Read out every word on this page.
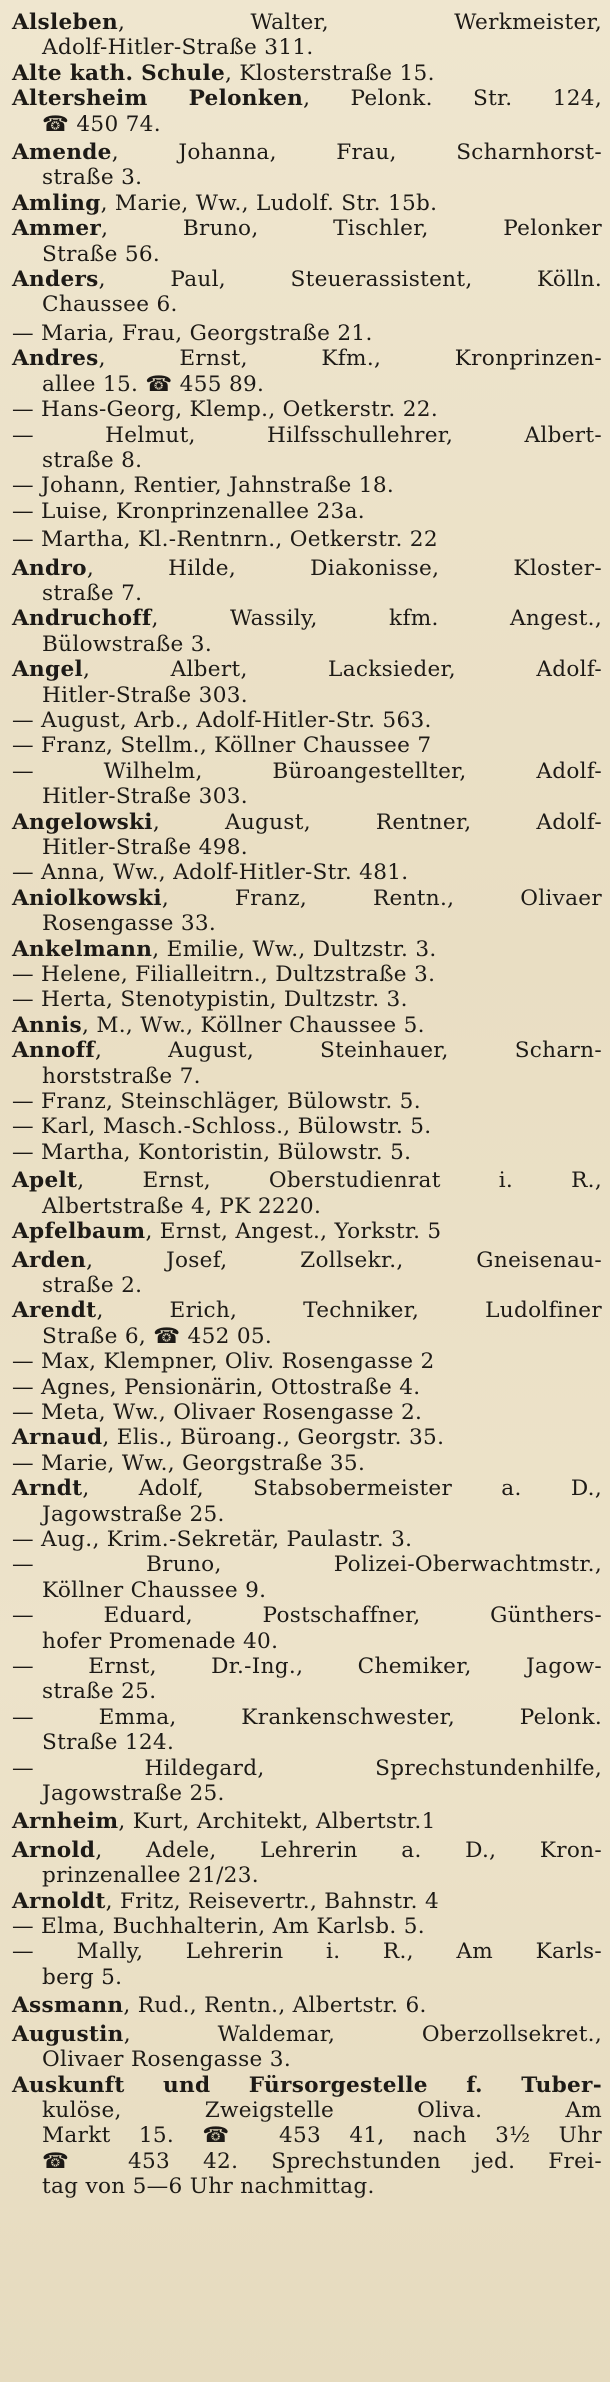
Alsleben, Walter, Werkmeister,
Adolf-Hitler-Straße 311.
Alte kath. Schule, Klosterstraße 15.
Altersheim Pelonken, Pelonk. Str. 124,
☎ 450 74.
Amende, Johanna, Frau, Scharnhorst-
straße 3.
Amling, Marie, Ww., Ludolf. Str. 15b.
Ammer, Bruno, Tischler, Pelonker
Straße 56.
Anders, Paul, Steuerassistent, Kölln.
Chaussee 6.
— Maria, Frau, Georgstraße 21.
Andres, Ernst, Kfm., Kronprinzen-
allee 15. ☎ 455 89.
— Hans-Georg, Klemp., Oetkerstr. 22.
— Helmut, Hilfsschullehrer, Albert-
straße 8.
— Johann, Rentier, Jahnstraße 18.
— Luise, Kronprinzenallee 23a.
— Martha, Kl.-Rentnrn., Oetkerstr. 22
Andro, Hilde, Diakonisse, Kloster-
straße 7.
Andruchoff, Wassily, kfm. Angest.,
Bülowstraße 3.
Angel, Albert, Lacksieder, Adolf-
Hitler-Straße 303.
— August, Arb., Adolf-Hitler-Str. 563.
— Franz, Stellm., Köllner Chaussee 7
— Wilhelm, Büroangestellter, Adolf-
Hitler-Straße 303.
Angelowski, August, Rentner, Adolf-
Hitler-Straße 498.
— Anna, Ww., Adolf-Hitler-Str. 481.
Aniolkowski, Franz, Rentn., Olivaer
Rosengasse 33.
Ankelmann, Emilie, Ww., Dultzstr. 3.
— Helene, Filialleitrn., Dultzstraße 3.
— Herta, Stenotypistin, Dultzstr. 3.
Annis, M., Ww., Köllner Chaussee 5.
Annoff, August, Steinhauer, Scharn-
horststraße 7.
— Franz, Steinschläger, Bülowstr. 5.
— Karl, Masch.-Schloss., Bülowstr. 5.
— Martha, Kontoristin, Bülowstr. 5.
Apelt, Ernst, Oberstudienrat i. R.,
Albertstraße 4, PK 2220.
Apfelbaum, Ernst, Angest., Yorkstr. 5
Arden, Josef, Zollsekr., Gneisenau-
straße 2.
Arendt, Erich, Techniker, Ludolfiner
Straße 6, ☎ 452 05.
— Max, Klempner, Oliv. Rosengasse 2
— Agnes, Pensionärin, Ottostraße 4.
— Meta, Ww., Olivaer Rosengasse 2.
Arnaud, Elis., Büroang., Georgstr. 35.
— Marie, Ww., Georgstraße 35.
Arndt, Adolf, Stabsobermeister a. D.,
Jagowstraße 25.
— Aug., Krim.-Sekretär, Paulastr. 3.
— Bruno, Polizei-Oberwachtmstr.,
Köllner Chaussee 9.
— Eduard, Postschaffner, Günthers-
hofer Promenade 40.
— Ernst, Dr.-Ing., Chemiker, Jagow-
straße 25.
— Emma, Krankenschwester, Pelonk.
Straße 124.
— Hildegard, Sprechstundenhilfe,
Jagowstraße 25.
Arnheim, Kurt, Architekt, Albertstr.1
Arnold, Adele, Lehrerin a. D., Kron-
prinzenallee 21/23.
Arnoldt, Fritz, Reisevertr., Bahnstr. 4
— Elma, Buchhalterin, Am Karlsb. 5.
— Mally, Lehrerin i. R., Am Karls-
berg 5.
Assmann, Rud., Rentn., Albertstr. 6.
Augustin, Waldemar, Oberzollsekret.,
Olivaer Rosengasse 3.
Auskunft und Fürsorgestelle f. Tuber-
kulöse, Zweigstelle Oliva. Am
Markt 15. ☎ 453 41, nach 3½ Uhr
☎ 453 42. Sprechstunden jed. Frei-
tag von 5—6 Uhr nachmittag.
